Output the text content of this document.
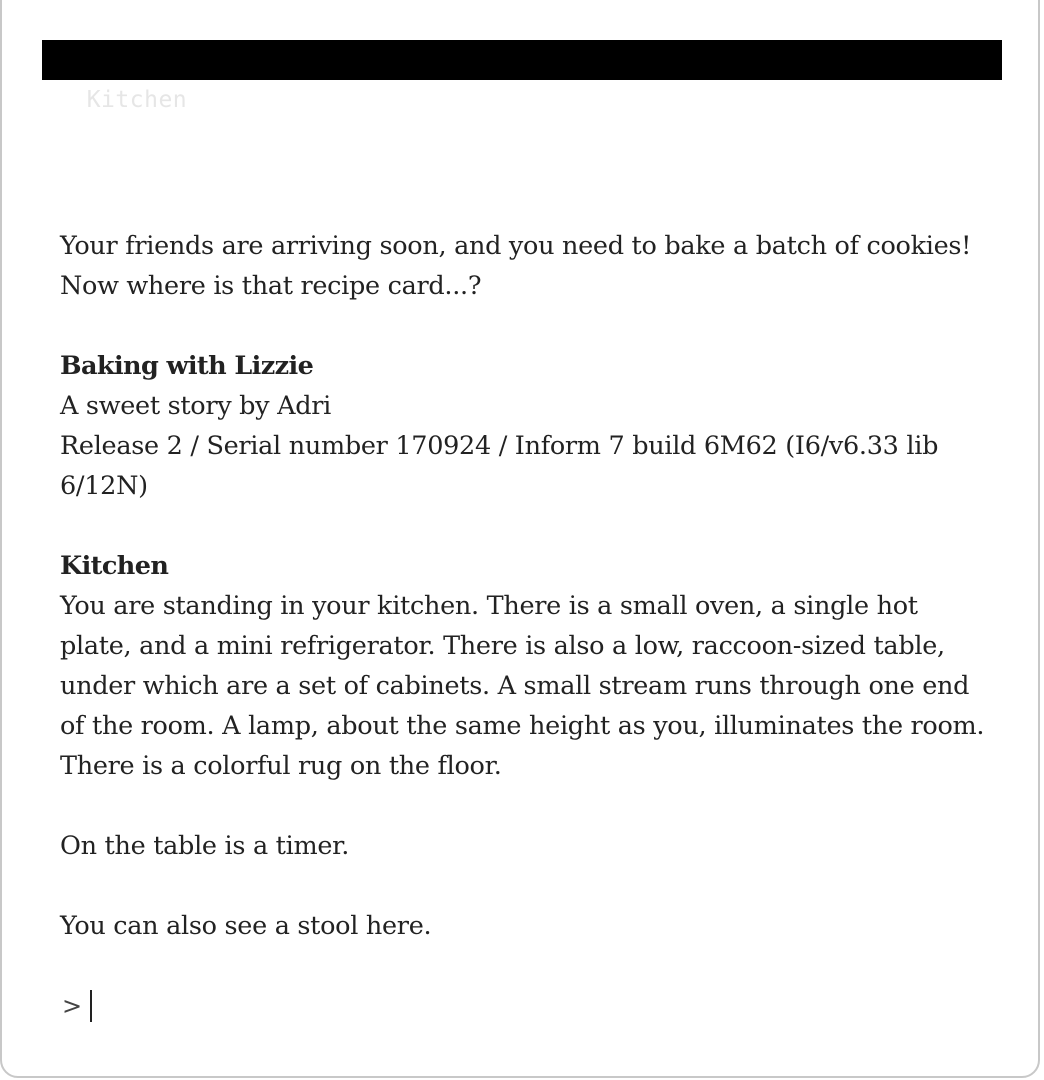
Kitchen

Your friends are arriving soon, and you need to bake a batch of cookies! Now where is that recipe card...?

Baking with Lizzie
A sweet story by Adri
Release 2 / Serial number 170924 / Inform 7 build 6M62 (I6/v6.33 lib 6/12N)

Kitchen
You are standing in your kitchen. There is a small oven, a single hot plate, and a mini refrigerator. There is also a low, raccoon-sized table, under which are a set of cabinets. A small stream runs through one end of the room. A lamp, about the same height as you, illuminates the room. There is a colorful rug on the floor.

On the table is a timer.

You can also see a stool here.

>
